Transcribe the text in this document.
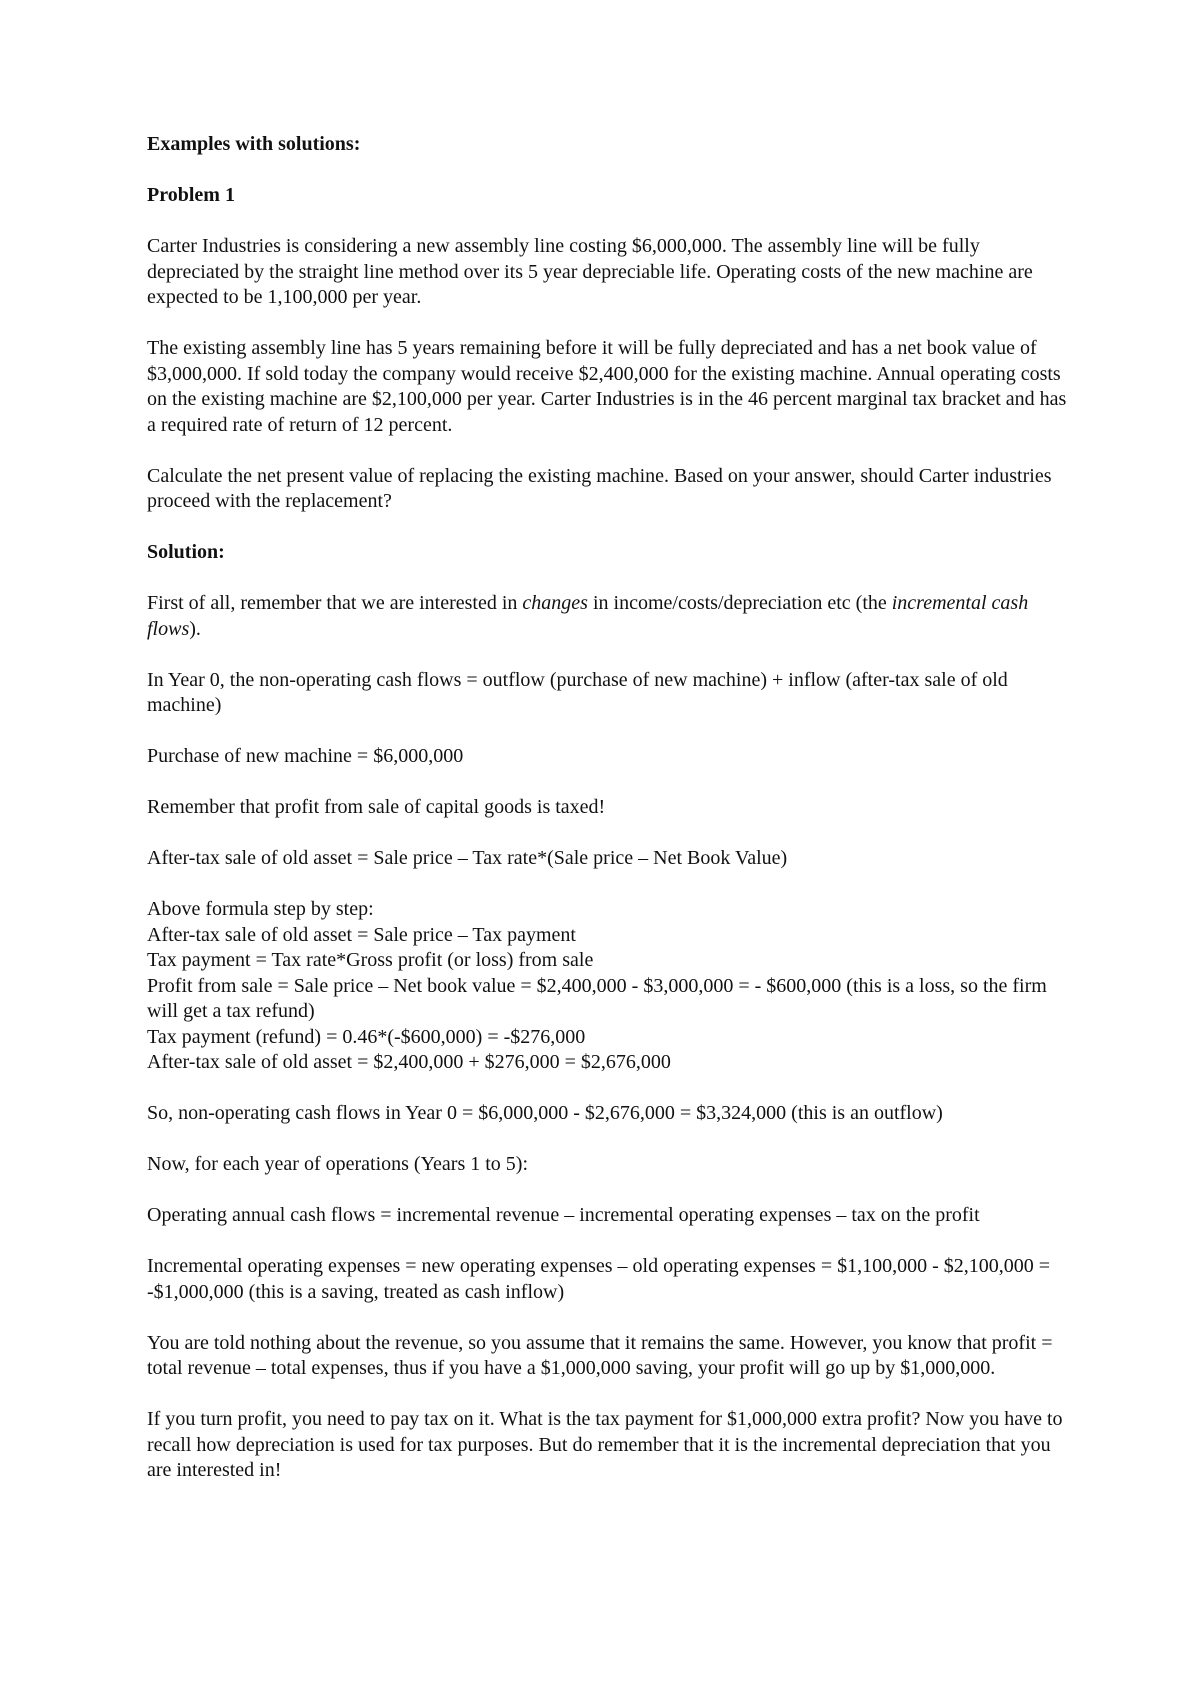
Examples with solutions:

Problem 1

Carter Industries is considering a new assembly line costing $6,000,000. The assembly line will be fully depreciated by the straight line method over its 5 year depreciable life. Operating costs of the new machine are expected to be 1,100,000 per year.

The existing assembly line has 5 years remaining before it will be fully depreciated and has a net book value of $3,000,000. If sold today the company would receive $2,400,000 for the existing machine. Annual operating costs on the existing machine are $2,100,000 per year. Carter Industries is in the 46 percent marginal tax bracket and has a required rate of return of 12 percent.

Calculate the net present value of replacing the existing machine. Based on your answer, should Carter industries proceed with the replacement?

Solution:

First of all, remember that we are interested in changes in income/costs/depreciation etc (the incremental cash flows).

In Year 0, the non-operating cash flows = outflow (purchase of new machine) + inflow (after-tax sale of old machine)

Purchase of new machine = $6,000,000

Remember that profit from sale of capital goods is taxed!

After-tax sale of old asset = Sale price – Tax rate*(Sale price – Net Book Value)

Above formula step by step:
After-tax sale of old asset = Sale price – Tax payment
Tax payment = Tax rate*Gross profit (or loss) from sale
Profit from sale = Sale price – Net book value = $2,400,000 - $3,000,000 = - $600,000 (this is a loss, so the firm will get a tax refund)
Tax payment (refund) = 0.46*(-$600,000) = -$276,000
After-tax sale of old asset = $2,400,000 + $276,000 = $2,676,000

So, non-operating cash flows in Year 0 = $6,000,000 - $2,676,000 = $3,324,000 (this is an outflow)

Now, for each year of operations (Years 1 to 5):

Operating annual cash flows = incremental revenue – incremental operating expenses – tax on the profit

Incremental operating expenses = new operating expenses – old operating expenses = $1,100,000 - $2,100,000 = -$1,000,000 (this is a saving, treated as cash inflow)

You are told nothing about the revenue, so you assume that it remains the same. However, you know that profit = total revenue – total expenses, thus if you have a $1,000,000 saving, your profit will go up by $1,000,000.

If you turn profit, you need to pay tax on it. What is the tax payment for $1,000,000 extra profit? Now you have to recall how depreciation is used for tax purposes. But do remember that it is the incremental depreciation that you are interested in!
